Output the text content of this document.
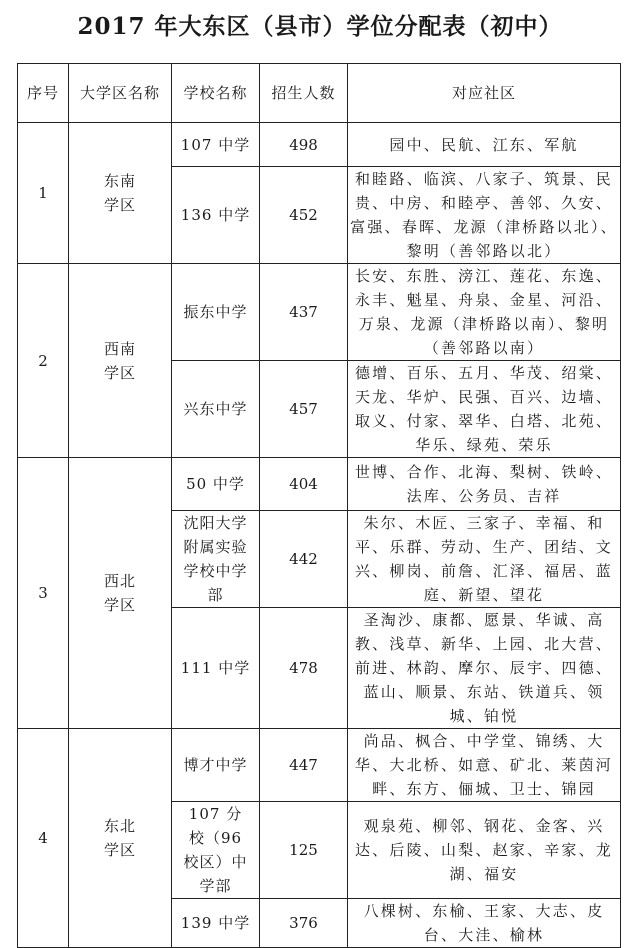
2017 年大东区（县市）学位分配表（初中）
序号	大学区名称	学校名称	招生人数	对应社区
1	东南学区	107 中学	498	园中、民航、江东、军航
		136 中学	452	和睦路、临滨、八家子、筑景、民贵、中房、和睦亭、善邻、久安、富强、春晖、龙源（津桥路以北）、黎明（善邻路以北）
2	西南学区	振东中学	437	长安、东胜、滂江、莲花、东逸、永丰、魁星、舟泉、金星、河沿、万泉、龙源（津桥路以南）、黎明（善邻路以南）
		兴东中学	457	德增、百乐、五月、华茂、绍棠、天龙、华炉、民强、百兴、边墙、取义、付家、翠华、白塔、北苑、华乐、绿苑、荣乐
3	西北学区	50 中学	404	世博、合作、北海、梨树、铁岭、法库、公务员、吉祥
		沈阳大学附属实验学校中学部	442	朱尔、木匠、三家子、幸福、和平、乐群、劳动、生产、团结、文兴、柳岗、前詹、汇泽、福居、蓝庭、新望、望花
		111 中学	478	圣淘沙、康都、愿景、华诚、高教、浅草、新华、上园、北大营、前进、林韵、摩尔、辰宇、四德、蓝山、顺景、东站、铁道兵、领城、铂悦
4	东北学区	博才中学	447	尚品、枫合、中学堂、锦绣、大华、大北桥、如意、矿北、莱茵河畔、东方、俪城、卫士、锦园
		107 分校（96 校区）中学部	125	观泉苑、柳邻、钢花、金客、兴达、后陵、山梨、赵家、辛家、龙湖、福安
		139 中学	376	八棵树、东榆、王家、大志、皮台、大洼、榆林
